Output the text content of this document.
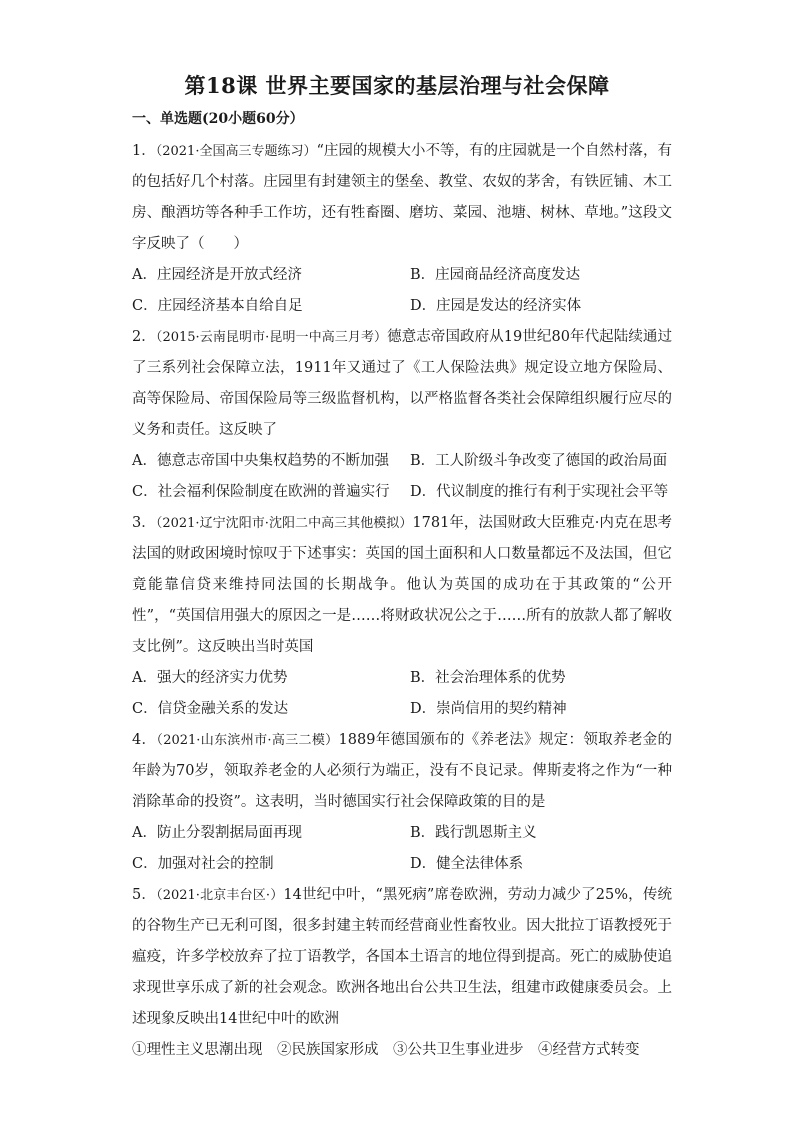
第18课 世界主要国家的基层治理与社会保障
一、单选题(20小题60分）

1．（2021·全国高三专题练习）“庄园的规模大小不等，有的庄园就是一个自然村落，有的包括好几个村落。庄园里有封建领主的堡垒、教堂、农奴的茅舍，有铁匠铺、木工房、酿酒坊等各种手工作坊，还有牲畜圈、磨坊、菜园、池塘、树林、草地。”这段文字反映了（　　）

A．庄园经济是开放式经济	B．庄园商品经济高度发达
C．庄园经济基本自给自足	D．庄园是发达的经济实体

2．（2015·云南昆明市·昆明一中高三月考）德意志帝国政府从19世纪80年代起陆续通过了三系列社会保障立法，1911年又通过了《工人保险法典》规定设立地方保险局、高等保险局、帝国保险局等三级监督机构，以严格监督各类社会保障组织履行应尽的义务和责任。这反映了

A．德意志帝国中央集权趋势的不断加强	B．工人阶级斗争改变了德国的政治局面
C．社会福利保险制度在欧洲的普遍实行	D．代议制度的推行有利于实现社会平等

3．（2021·辽宁沈阳市·沈阳二中高三其他模拟）1781年，法国财政大臣雅克·内克在思考法国的财政困境时惊叹于下述事实：英国的国土面积和人口数量都远不及法国，但它竟能靠信贷来维持同法国的长期战争。他认为英国的成功在于其政策的“公开性”，“英国信用强大的原因之一是……将财政状况公之于……所有的放款人都了解收支比例”。这反映出当时英国

A．强大的经济实力优势	B．社会治理体系的优势
C．信贷金融关系的发达	D．崇尚信用的契约精神

4．（2021·山东滨州市·高三二模）1889年德国颁布的《养老法》规定：领取养老金的年龄为70岁，领取养老金的人必须行为端正，没有不良记录。俾斯麦将之作为“一种消除革命的投资”。这表明，当时德国实行社会保障政策的目的是

A．防止分裂割据局面再现	B．践行凯恩斯主义
C．加强对社会的控制	D．健全法律体系

5．（2021·北京丰台区·）14世纪中叶，“黑死病”席卷欧洲，劳动力减少了25%，传统的谷物生产已无利可图，很多封建主转而经营商业性畜牧业。因大批拉丁语教授死于瘟疫，许多学校放弃了拉丁语教学，各国本土语言的地位得到提高。死亡的威胁使追求现世享乐成了新的社会观念。欧洲各地出台公共卫生法，组建市政健康委员会。上述现象反映出14世纪中叶的欧洲

①理性主义思潮出现　②民族国家形成　③公共卫生事业进步　④经营方式转变
